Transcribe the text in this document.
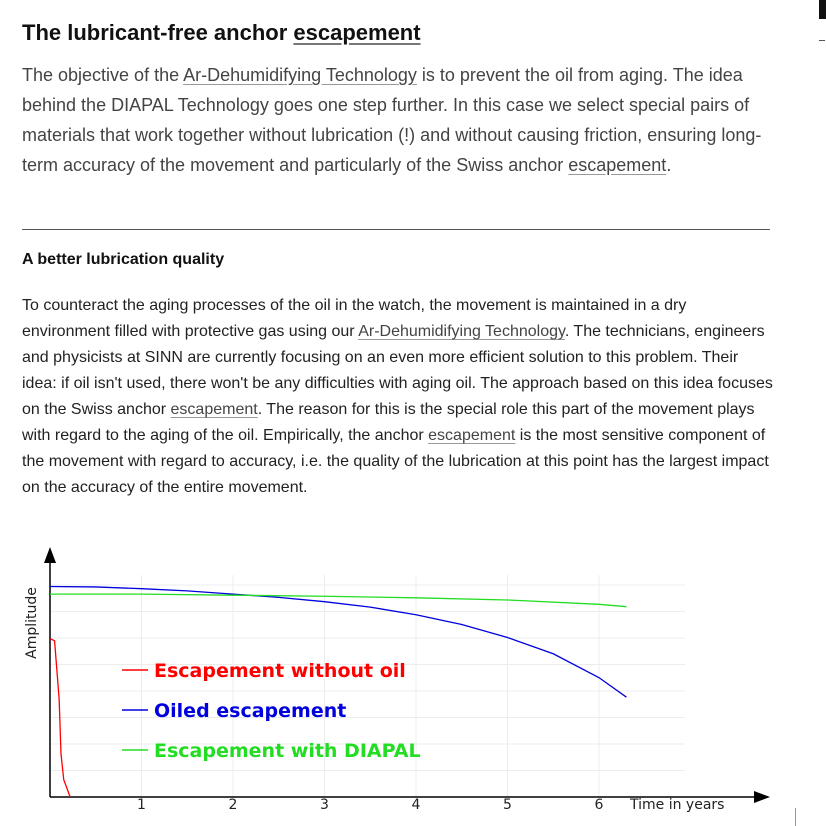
The lubricant-free anchor escapement

The objective of the Ar-Dehumidifying Technology is to prevent the oil from aging. The idea behind the DIAPAL Technology goes one step further. In this case we select special pairs of materials that work together without lubrication (!) and without causing friction, ensuring long-term accuracy of the movement and particularly of the Swiss anchor escapement.

A better lubrication quality

To counteract the aging processes of the oil in the watch, the movement is maintained in a dry environment filled with protective gas using our Ar-Dehumidifying Technology. The technicians, engineers and physicists at SINN are currently focusing on an even more efficient solution to this problem. Their idea: if oil isn't used, there won't be any difficulties with aging oil. The approach based on this idea focuses on the Swiss anchor escapement. The reason for this is the special role this part of the movement plays with regard to the aging of the oil. Empirically, the anchor escapement is the most sensitive component of the movement with regard to accuracy, i.e. the quality of the lubrication at this point has the largest impact on the accuracy of the entire movement.

Amplitude
1	2	3	4	5	6 Time in years
Escapement without oil
Oiled escapement
Escapement with DIAPAL
